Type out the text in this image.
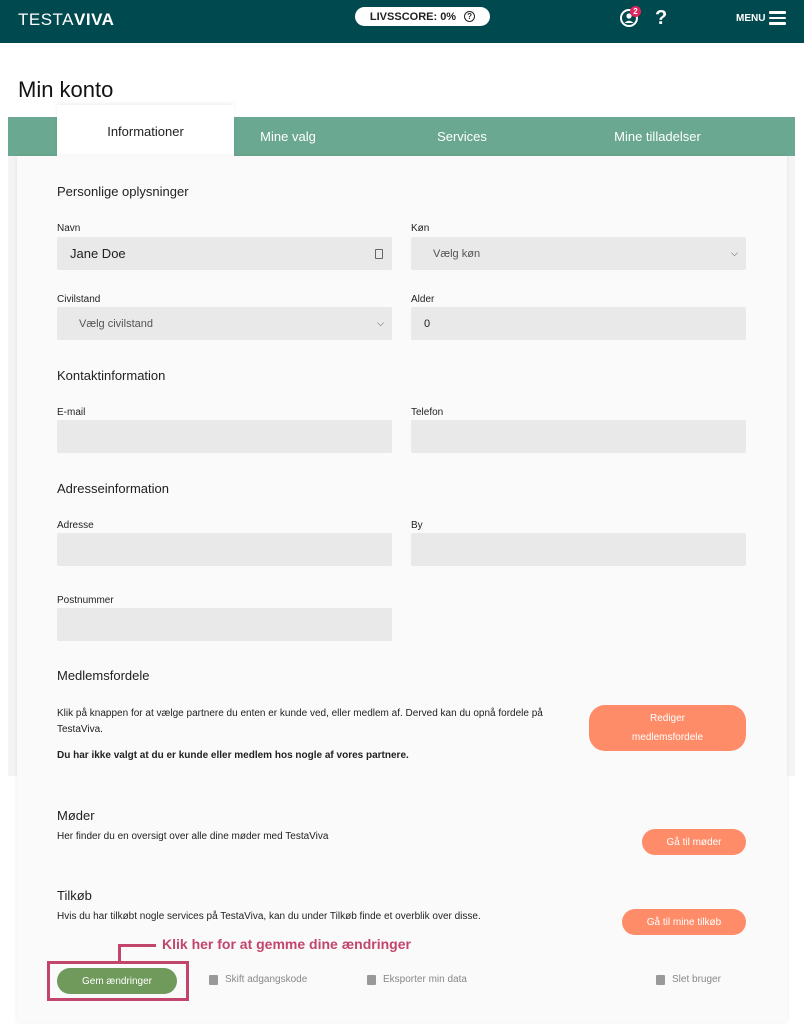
TESTAVIVA	LIVSSCORE: 0%	?
2 ?	MENU
Min konto
Informationer	Mine valg	Services	Mine tilladelser
Personlige oplysninger
Navn
Jane Doe
Køn
Vælg køn	⌵
Civilstand
Vælg civilstand	⌵
Alder
0
Kontaktinformation
E-mail	Telefon
Adresseinformation
Adresse	By
Postnummer
Medlemsfordele
Klik på knappen for at vælge partnere du enten er kunde ved, eller medlem af. Derved kan du opnå fordele på
TestaViva.
Du har ikke valgt at du er kunde eller medlem hos nogle af vores partnere.
Rediger
medlemsfordele
Møder
Her finder du en oversigt over alle dine møder med TestaViva	Gå til møder
Tilkøb
Hvis du har tilkøbt nogle services på TestaViva, kan du under Tilkøb finde et overblik over disse.	Gå til mine tilkøb
Klik her for at gemme dine ændringer
Gem ændringer	Skift adgangskode	Eksporter min data	Slet bruger
